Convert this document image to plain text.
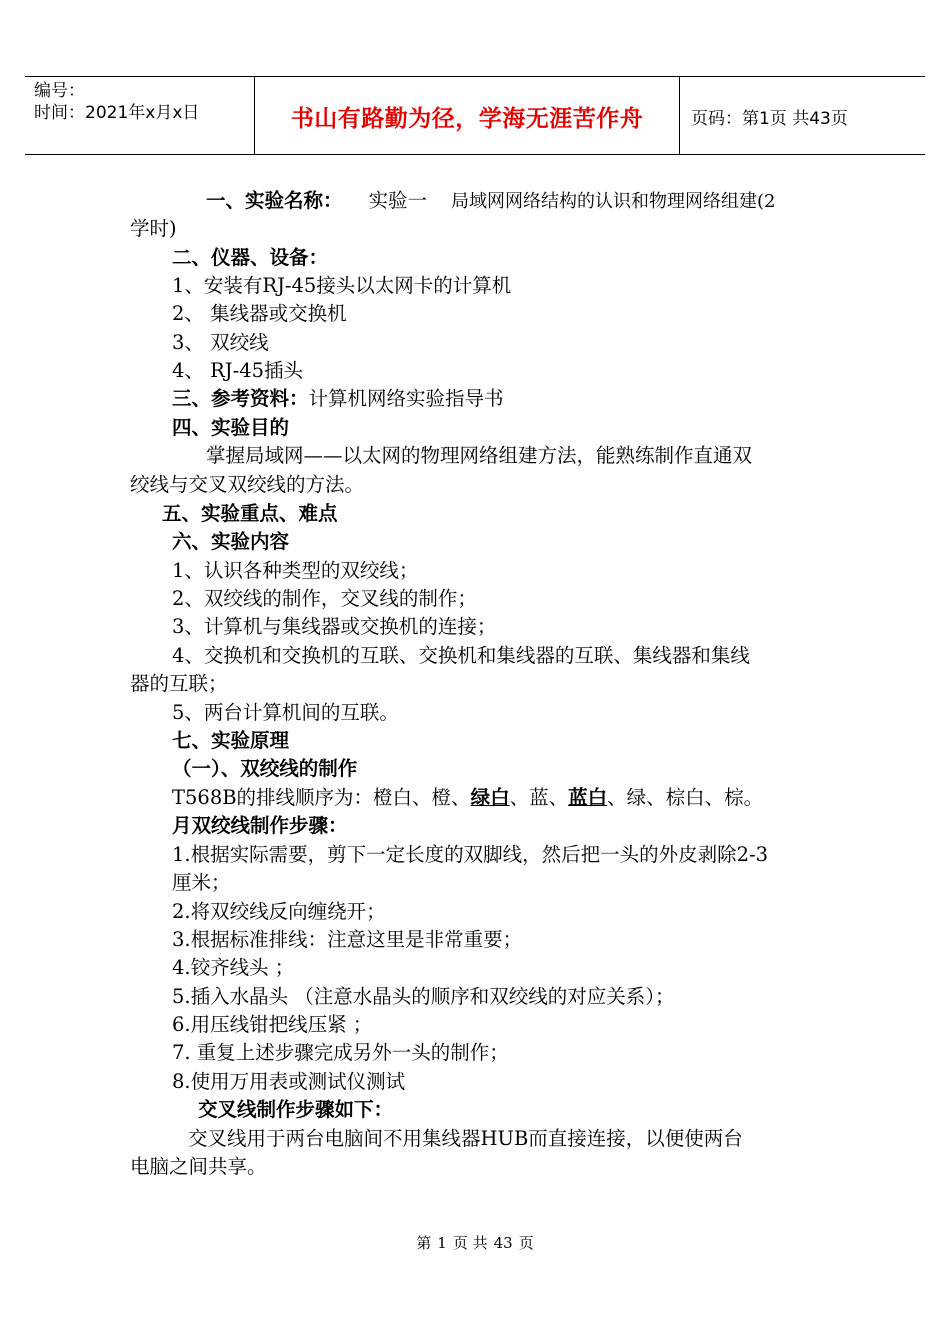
编号：
时间：2021年x月x日	书山有路勤为径，学海无涯苦作舟	页码：第1页 共43页
一、实验名称： 实验一 局域网网络结构的认识和物理网络组建(2
学时)
二、仪器、设备：
1、安装有RJ-45接头以太网卡的计算机
2、 集线器或交换机
3、 双绞线
4、 RJ-45插头
三、参考资料：计算机网络实验指导书
四、实验目的
掌握局域网——以太网的物理网络组建方法，能熟练制作直通双
绞线与交叉双绞线的方法。
五、实验重点、难点
六、实验内容
1、认识各种类型的双绞线；
2、双绞线的制作，交叉线的制作；
3、计算机与集线器或交换机的连接；
4、交换机和交换机的互联、交换机和集线器的互联、集线器和集线
器的互联；
5、两台计算机间的互联。
七、实验原理
（一）、双绞线的制作
T568B的排线顺序为：橙白、橙、绿白、蓝、蓝白、绿、棕白、棕。
月双绞线制作步骤：
1.根据实际需要，剪下一定长度的双脚线，然后把一头的外皮剥除2-3
厘米；
2.将双绞线反向缠绕开；
3.根据标准排线：注意这里是非常重要；
4.铰齐线头 ；
5.插入水晶头 （注意水晶头的顺序和双绞线的对应关系）；
6.用压线钳把线压紧 ；
7. 重复上述步骤完成另外一头的制作；
8.使用万用表或测试仪测试
交叉线制作步骤如下：
交叉线用于两台电脑间不用集线器HUB而直接连接，以便使两台
电脑之间共享。
第 1 页 共 43 页
